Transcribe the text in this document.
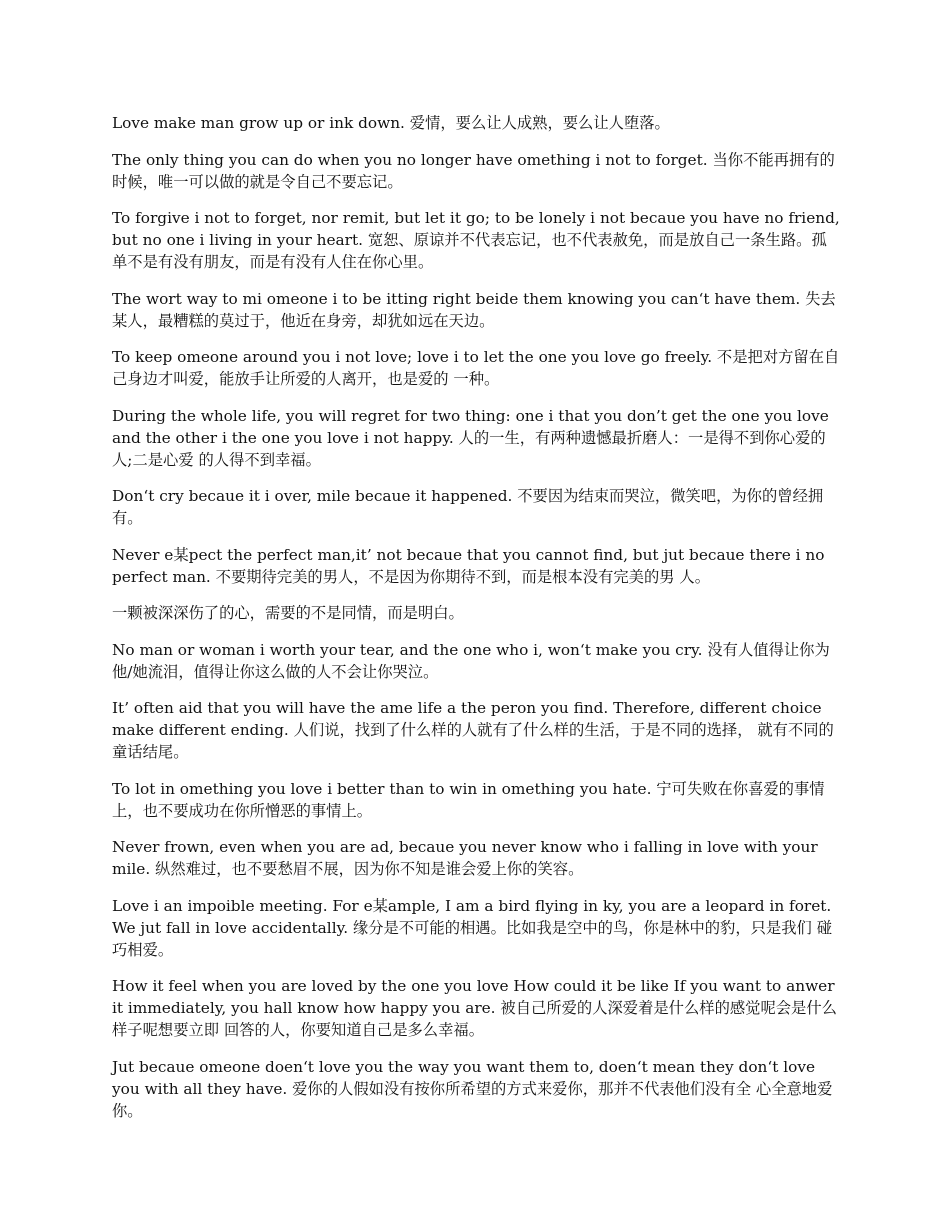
Love make man grow up or ink down. 爱情，要么让人成熟，要么让人堕落。

The only thing you can do when you no longer have omething i not to forget. 当你不能再拥有的时候，唯一可以做的就是令自己不要忘记。

To forgive i not to forget, nor remit, but let it go; to be lonely i not becaue you have no friend, but no one i living in your heart. 宽恕、原谅并不代表忘记，也不代表赦免，而是放自己一条生路。孤 单不是有没有朋友，而是有没有人住在你心里。

The wort way to mi omeone i to be itting right beide them knowing you can‘t have them. 失去某人，最糟糕的莫过于，他近在身旁，却犹如远在天边。

To keep omeone around you i not love; love i to let the one you love go freely. 不是把对方留在自己身边才叫爱，能放手让所爱的人离开，也是爱的 一种。

During the whole life, you will regret for two thing: one i that you don’t get the one you love and the other i the one you love i not happy. 人的一生，有两种遗憾最折磨人：一是得不到你心爱的人;二是心爱 的人得不到幸福。

Don‘t cry becaue it i over, mile becaue it happened. 不要因为结束而哭泣，微笑吧，为你的曾经拥有。

Never e某pect the perfect man,it’ not becaue that you cannot find, but jut becaue there i no perfect man. 不要期待完美的男人，不是因为你期待不到，而是根本没有完美的男 人。

一颗被深深伤了的心，需要的不是同情，而是明白。

No man or woman i worth your tear, and the one who i, won‘t make you cry. 没有人值得让你为他/她流泪，值得让你这么做的人不会让你哭泣。

It’ often aid that you will have the ame life a the peron you find. Therefore, different choice make different ending. 人们说，找到了什么样的人就有了什么样的生活，于是不同的选择， 就有不同的童话结尾。

To lot in omething you love i better than to win in omething you hate. 宁可失败在你喜爱的事情上，也不要成功在你所憎恶的事情上。

Never frown, even when you are ad, becaue you never know who i falling in love with your mile. 纵然难过，也不要愁眉不展，因为你不知是谁会爱上你的笑容。

Love i an impoible meeting. For e某ample, I am a bird flying in ky, you are a leopard in foret. We jut fall in love accidentally. 缘分是不可能的相遇。比如我是空中的鸟，你是林中的豹，只是我们 碰巧相爱。

How it feel when you are loved by the one you love How could it be like If you want to anwer it immediately, you hall know how happy you are. 被自己所爱的人深爱着是什么样的感觉呢会是什么样子呢想要立即 回答的人，你要知道自己是多么幸福。

Jut becaue omeone doen‘t love you the way you want them to, doen‘t mean they don‘t love you with all they have. 爱你的人假如没有按你所希望的方式来爱你，那并不代表他们没有全 心全意地爱你。
